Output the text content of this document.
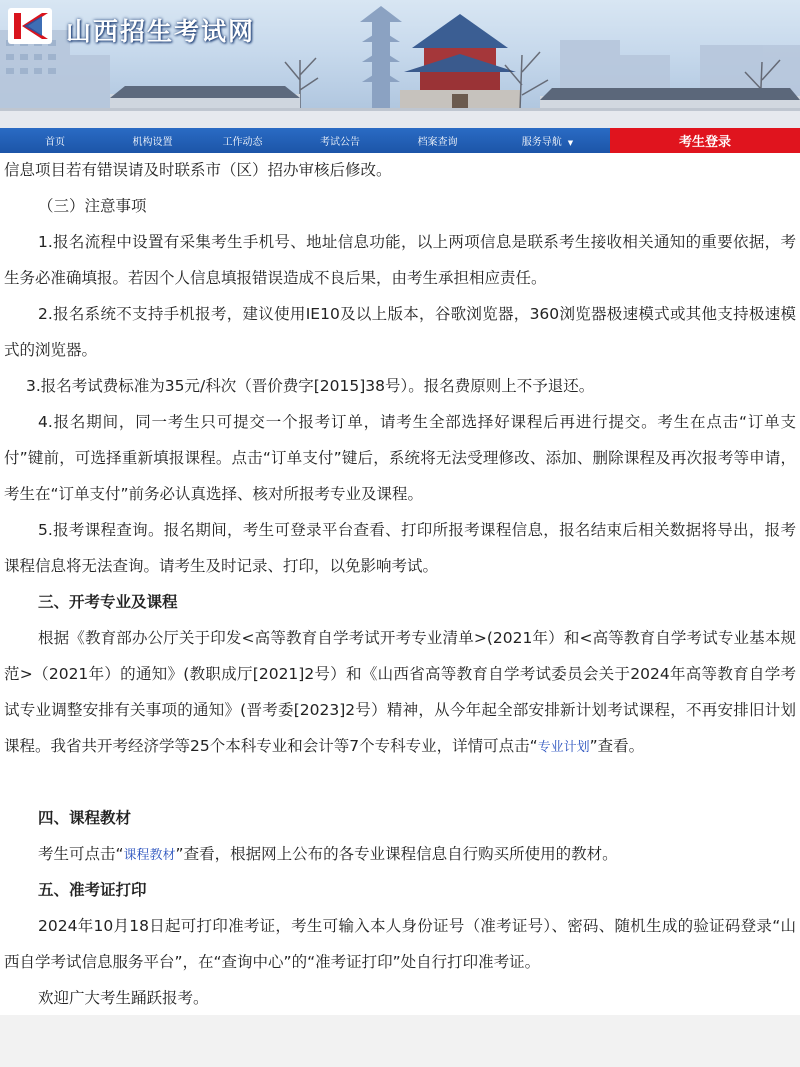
山西招生考试网
首页	机构设置	工作动态	考试公告	档案查询	服务导航 ▼	考生登录

信息项目若有错误请及时联系市（区）招办审核后修改。

（三）注意事项

1.报名流程中设置有采集考生手机号、地址信息功能，以上两项信息是联系考生接收相关通知的重要依据，考生务必准确填报。若因个人信息填报错误造成不良后果，由考生承担相应责任。

2.报名系统不支持手机报考，建议使用IE10及以上版本，谷歌浏览器，360浏览器极速模式或其他支持极速模式的浏览器。

3.报名考试费标准为35元/科次（晋价费字[2015]38号）。报名费原则上不予退还。

4.报名期间，同一考生只可提交一个报考订单，请考生全部选择好课程后再进行提交。考生在点击“订单支付”键前，可选择重新填报课程。点击“订单支付”键后，系统将无法受理修改、添加、删除课程及再次报考等申请，考生在“订单支付”前务必认真选择、核对所报考专业及课程。

5.报考课程查询。报名期间，考生可登录平台查看、打印所报考课程信息，报名结束后相关数据将导出，报考课程信息将无法查询。请考生及时记录、打印，以免影响考试。

三、开考专业及课程

根据《教育部办公厅关于印发<高等教育自学考试开考专业清单>(2021年）和<高等教育自学考试专业基本规范>（2021年）的通知》(教职成厅[2021]2号）和《山西省高等教育自学考试委员会关于2024年高等教育自学考试专业调整安排有关事项的通知》(晋考委[2023]2号）精神，从今年起全部安排新计划考试课程，不再安排旧计划课程。我省共开考经济学等25个本科专业和会计等7个专科专业，详情可点击“专业计划”查看。

四、课程教材

考生可点击“课程教材”查看，根据网上公布的各专业课程信息自行购买所使用的教材。

五、准考证打印

2024年10月18日起可打印准考证，考生可输入本人身份证号（准考证号）、密码、随机生成的验证码登录“山西自学考试信息服务平台”，在“查询中心”的“准考证打印”处自行打印准考证。

欢迎广大考生踊跃报考。
